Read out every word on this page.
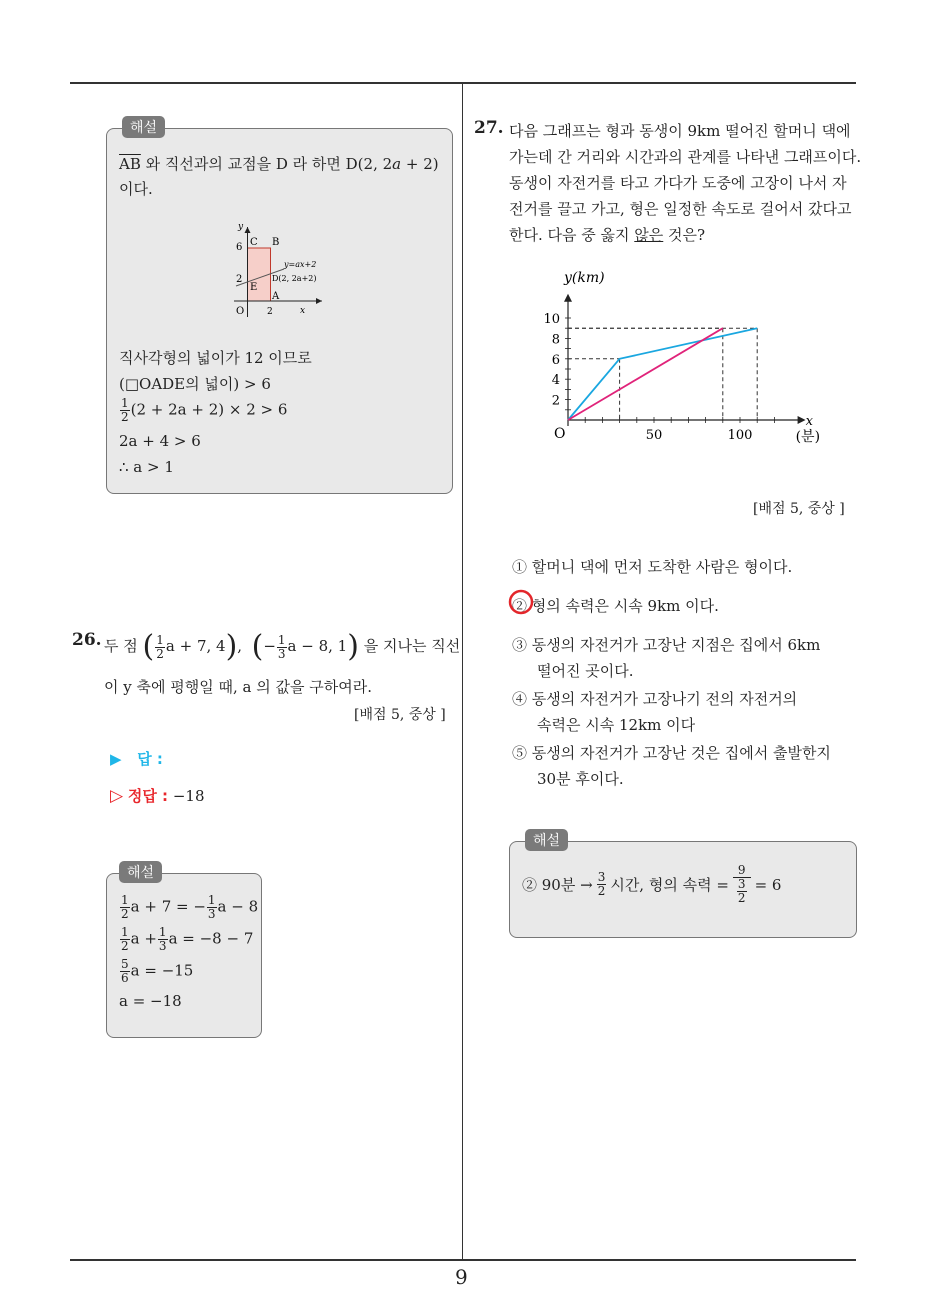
9
해설
$\overline{AB}$ 와 직선과의 교점을 D 라 하면 D(2, 2a + 2)
이다.
y
x
O
6
2
2
C B
E
A
y=ax+2
D(2, 2a+2)
직사각형의 넓이가 12 이므로
(□OADE의 넓이) > 6
$\frac{1}{2} (2 + 2a + 2) \times 2 > 6$
2a + 4 > 6
∴ a > 1
26. 두 점 ( $\frac{1}{2}$ a + 7, 4),  (− $\frac{1}{3}$ a − 8, 1) 을 지나는 직선
이 y 축에 평행일 때, a 의 값을 구하여라.
[배점 5, 중상 ]
▶ 답 :
▷ 정답 : −18
해설
$\frac{1}{2}$ a + 7 = − $\frac{1}{3}$ a − 8
$\frac{1}{2}$ $a + \frac{1}{3}$ a = −8 − 7
$\frac{5}{6}$ a = −15
a = −18
27. 다음 그래프는 형과 동생이 9km 떨어진 할머니 댁에
가는데 간 거리와 시간과의 관계를 나타낸 그래프이다.
동생이 자전거를 타고 가다가 도중에 고장이 나서 자
전거를 끌고 가고, 형은 일정한 속도로 걸어서 갔다고
한다. 다음 중 옳지 않은 것은?
2
4
6
8
10
50	100
O
y(km)
x
(분)
[배점 5, 중상 ]
① 할머니 댁에 먼저 도착한 사람은 형이다.
② 형의 속력은 시속 9km 이다.
③ 동생의 자전거가 고장난 지점은 집에서 6km
떨어진 곳이다.
④ 동생의 자전거가 고장나기 전의 자전거의
속력은 시속 12km 이다
⑤ 동생의 자전거가 고장난 것은 집에서 출발한지
30분 후이다.
해설
② 90분 → $\frac{3}{2}$ 시간, 형의 속력 = 9
3
2 = 6
